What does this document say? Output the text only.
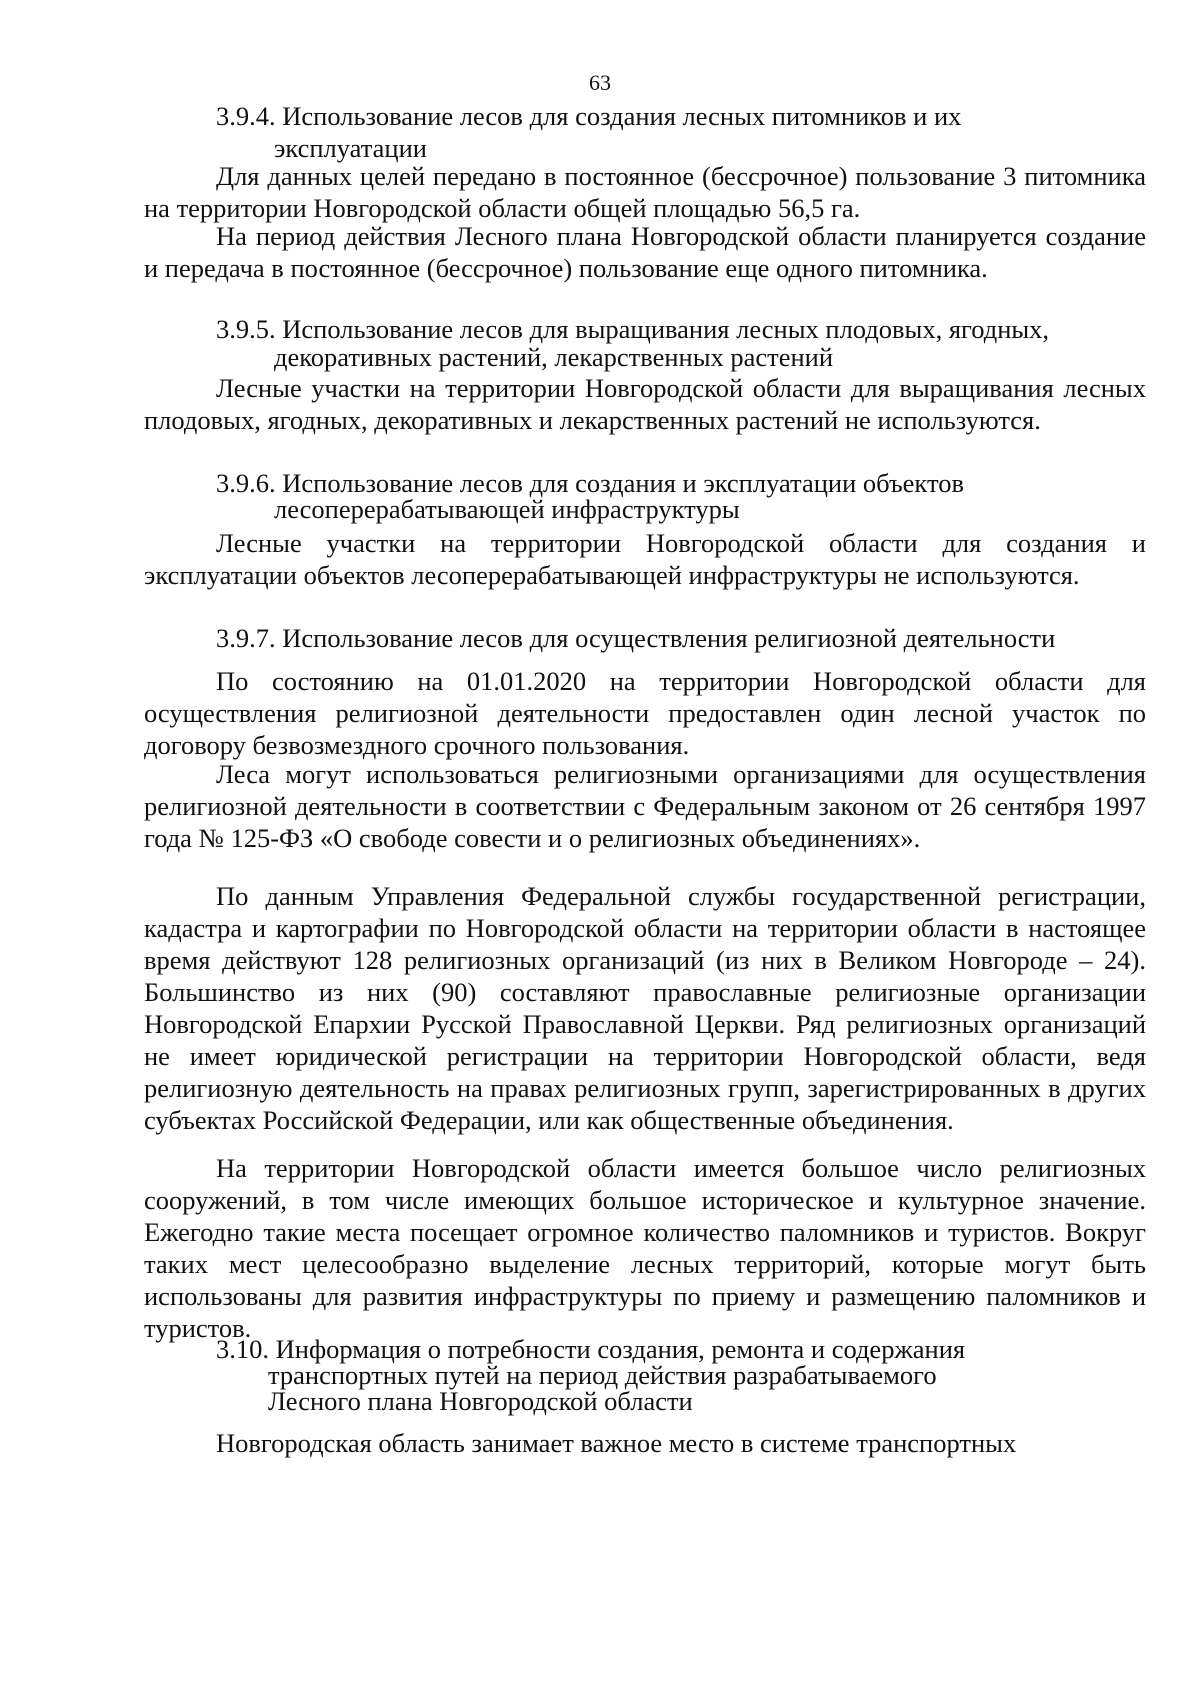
63
3.9.4. Использование лесов для создания лесных питомников и их
эксплуатации
Для данных целей передано в постоянное (бессрочное) пользование 3 питомника на территории Новгородской области общей площадью 56,5 га.
На период действия Лесного плана Новгородской области планируется создание и передача в постоянное (бессрочное) пользование еще одного питомника.
3.9.5. Использование лесов для выращивания лесных плодовых, ягодных,
декоративных растений, лекарственных растений
Лесные участки на территории Новгородской области для выращивания лесных плодовых, ягодных, декоративных и лекарственных растений не используются.
3.9.6. Использование лесов для создания и эксплуатации объектов
лесоперерабатывающей инфраструктуры
Лесные участки на территории Новгородской области для создания и эксплуатации объектов лесоперерабатывающей инфраструктуры не используются.
3.9.7. Использование лесов для осуществления религиозной деятельности
По состоянию на 01.01.2020 на территории Новгородской области для осуществления религиозной деятельности предоставлен один лесной участок по договору безвозмездного срочного пользования.
Леса могут использоваться религиозными организациями для осуществления религиозной деятельности в соответствии с Федеральным законом от 26 сентября 1997 года № 125-ФЗ «О свободе совести и о религиозных объединениях».
По данным Управления Федеральной службы государственной регистрации, кадастра и картографии по Новгородской области на территории области в настоящее время действуют 128 религиозных организаций (из них в Великом Новгороде – 24). Большинство из них (90) составляют православные религиозные организации Новгородской Епархии Русской Православной Церкви. Ряд религиозных организаций не имеет юридической регистрации на территории Новгородской области, ведя религиозную деятельность на правах религиозных групп, зарегистрированных в других субъектах Российской Федерации, или как общественные объединения.
На территории Новгородской области имеется большое число религиозных сооружений, в том числе имеющих большое историческое и культурное значение. Ежегодно такие места посещает огромное количество паломников и туристов. Вокруг таких мест целесообразно выделение лесных территорий, которые могут быть использованы для развития инфраструктуры по приему и размещению паломников и туристов.
3.10. Информация о потребности создания, ремонта и содержания
транспортных путей на период действия разрабатываемого
Лесного плана Новгородской области
Новгородская область занимает важное место в системе транспортных
